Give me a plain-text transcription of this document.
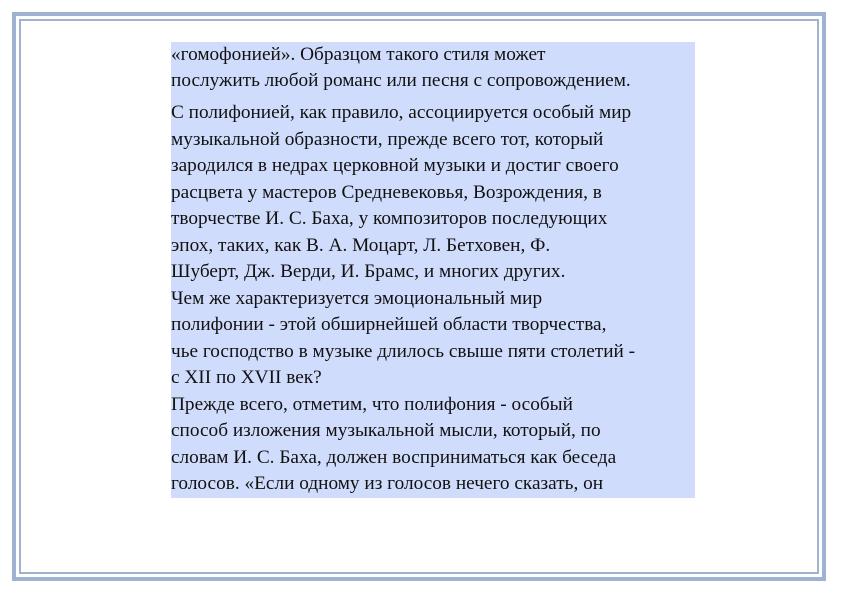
«гомофонией». Образцом такого стиля может
послужить любой романс или песня с сопровождением.

С полифонией, как правило, ассоциируется особый мир
музыкальной образности, прежде всего тот, который
зародился в недрах церковной музыки и достиг своего
расцвета у мастеров Средневековья, Возрождения, в
творчестве И. С. Баха, у композиторов последующих
эпох, таких, как В. А. Моцарт, Л. Бетховен, Ф.
Шуберт, Дж. Верди, И. Брамс, и многих других.

Чем же характеризуется эмоциональный мир
полифонии - этой обширнейшей области творчества,
чье господство в музыке длилось свыше пяти столетий -
с XII по XVII век?

Прежде всего, отметим, что полифония - особый
способ изложения музыкальной мысли, который, по
словам И. С. Баха, должен восприниматься как беседа
голосов. «Если одному из голосов нечего сказать, он
